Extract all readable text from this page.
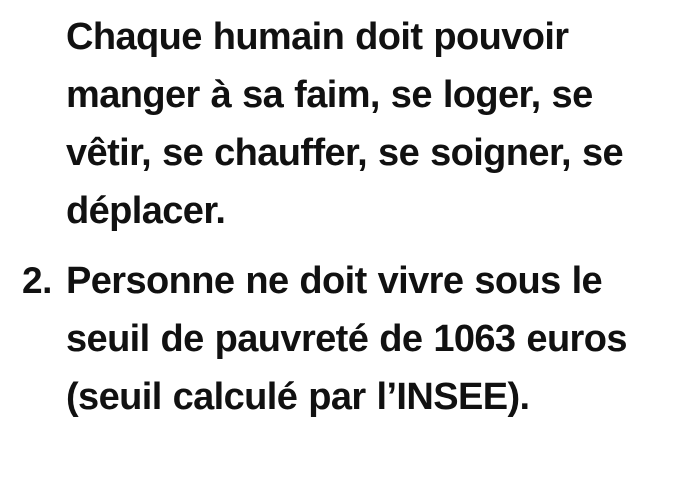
Chaque humain doit pouvoir manger à sa faim, se loger, se vêtir, se chauffer, se soigner, se déplacer.
2. Personne ne doit vivre sous le seuil de pauvreté de 1063 euros (seuil calculé par l’INSEE).
